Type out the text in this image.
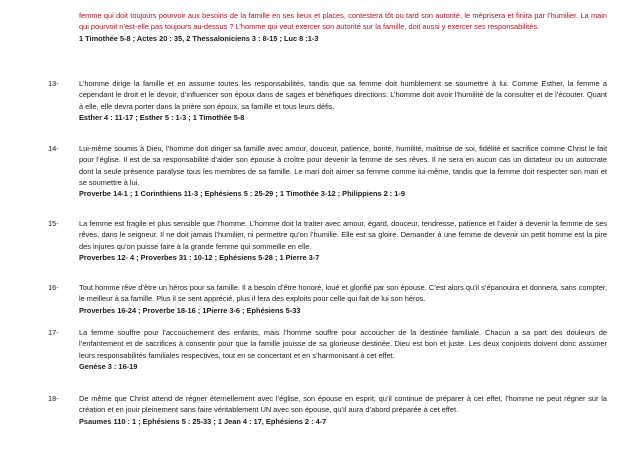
femme qui doit toujours pourvoir aux besoins de la famille en ses lieux et places, contestera tôt ou tard son autorité, le méprisera et finira par l’humilier. La main qui pourvoit n’est-elle pas toujours au-dessus ? L’homme qui veut exercer son autorité sur la famille, doit aussi y exercer ses responsabilités.
1 Timothée 5-8 ; Actes 20 : 35, 2 Thessaloniciens 3 : 8-15 ; Luc 8 :1-3
13-	L’homme dirige la famille et en assume toutes les responsabilités, tandis que sa femme doit humblement se soumettre à lui. Comme Esther, la femme a cependant le droit et le devoir, d’influencer son époux dans de sages et bénéfiques directions. L’homme doit avoir l’humilité de la consulter et de l’écouter. Quant à elle, elle devra porter dans la prière son époux, sa famille et tous leurs défis.
Esther 4 : 11-17 ; Esther 5 : 1-3 ; 1 Timothée 5-8
14-	Lui-même soumis à Dieu, l’homme doit diriger sa famille avec amour, douceur, patience, bonté, humilité, maîtrise de soi, fidélité et sacrifice comme Christ le fait pour l’église. Il est de sa responsabilité d’aider son épouse à croître pour devenir la femme de ses rêves. Il ne sera en aucun cas un dictateur ou un autocrate dont la seule présence paralyse tous les membres de sa famille. Le mari doit aimer sa femme comme lui-même, tandis que la femme doit respecter son mari et se soumettre à lui.
Proverbe 14-1 ; 1 Corinthiens 11-3 ; Ephésiens 5 : 25-29 ; 1 Timothée 3-12 ; Philippiens 2 : 1-9
15-	La femme est fragile et plus sensible que l’homme. L’homme doit la traiter avec amour, égard, douceur, tendresse, patience et l’aider à devenir la femme de ses rêves, dans le seigneur. Il ne doit jamais l’humilier, ni permettre qu’on l’humilie. Elle est sa gloire. Demander à une femme de devenir un petit homme est la pire des injures qu’on puisse faire à la grande femme qui sommeille en elle.
Proverbes 12- 4 ; Proverbes 31 : 10-12 ; Ephésiens 5-28 ; 1 Pierre 3-7
16-	Tout homme rêve d’être un héros pour sa famille. Il a besoin d’être honoré, loué et glorifié par son épouse. C’est alors qu’il s’épanouira et donnera, sans compter, le meilleur à sa famille. Plus il se sent apprécié, plus il fera des exploits pour celle qui fait de lui son héros.
Proverbes 16-24 ; Proverbe 18-16 ; 1Pierre 3-6 ; Ephésiens 5-33
17-	La femme souffre pour l’accouchement des enfants, mais l’homme souffre pour accoucher de la destinée familiale. Chacun a sa part des douleurs de l’enfantement et de sacrifices à consentir pour que la famille jouisse de sa glorieuse destinée. Dieu est bon et juste. Les deux conjoints doivent donc assumer leurs responsabilités familiales respectives, tout en se concertant et en s’harmonisant à cet effet.
Genèse 3 : 16-19
18-	De même que Christ attend de régner éternellement avec l’église, son épouse en esprit, qu’il continue de préparer à cet effet, l’homme ne peut régner sur la création et en jouir pleinement sans faire véritablement UN avec son épouse, qu’il aura d’abord préparée à cet effet.
Psaumes 110 : 1 ; Ephésiens 5 : 25-33 ; 1 Jean 4 : 17, Ephésiens 2 : 4-7
